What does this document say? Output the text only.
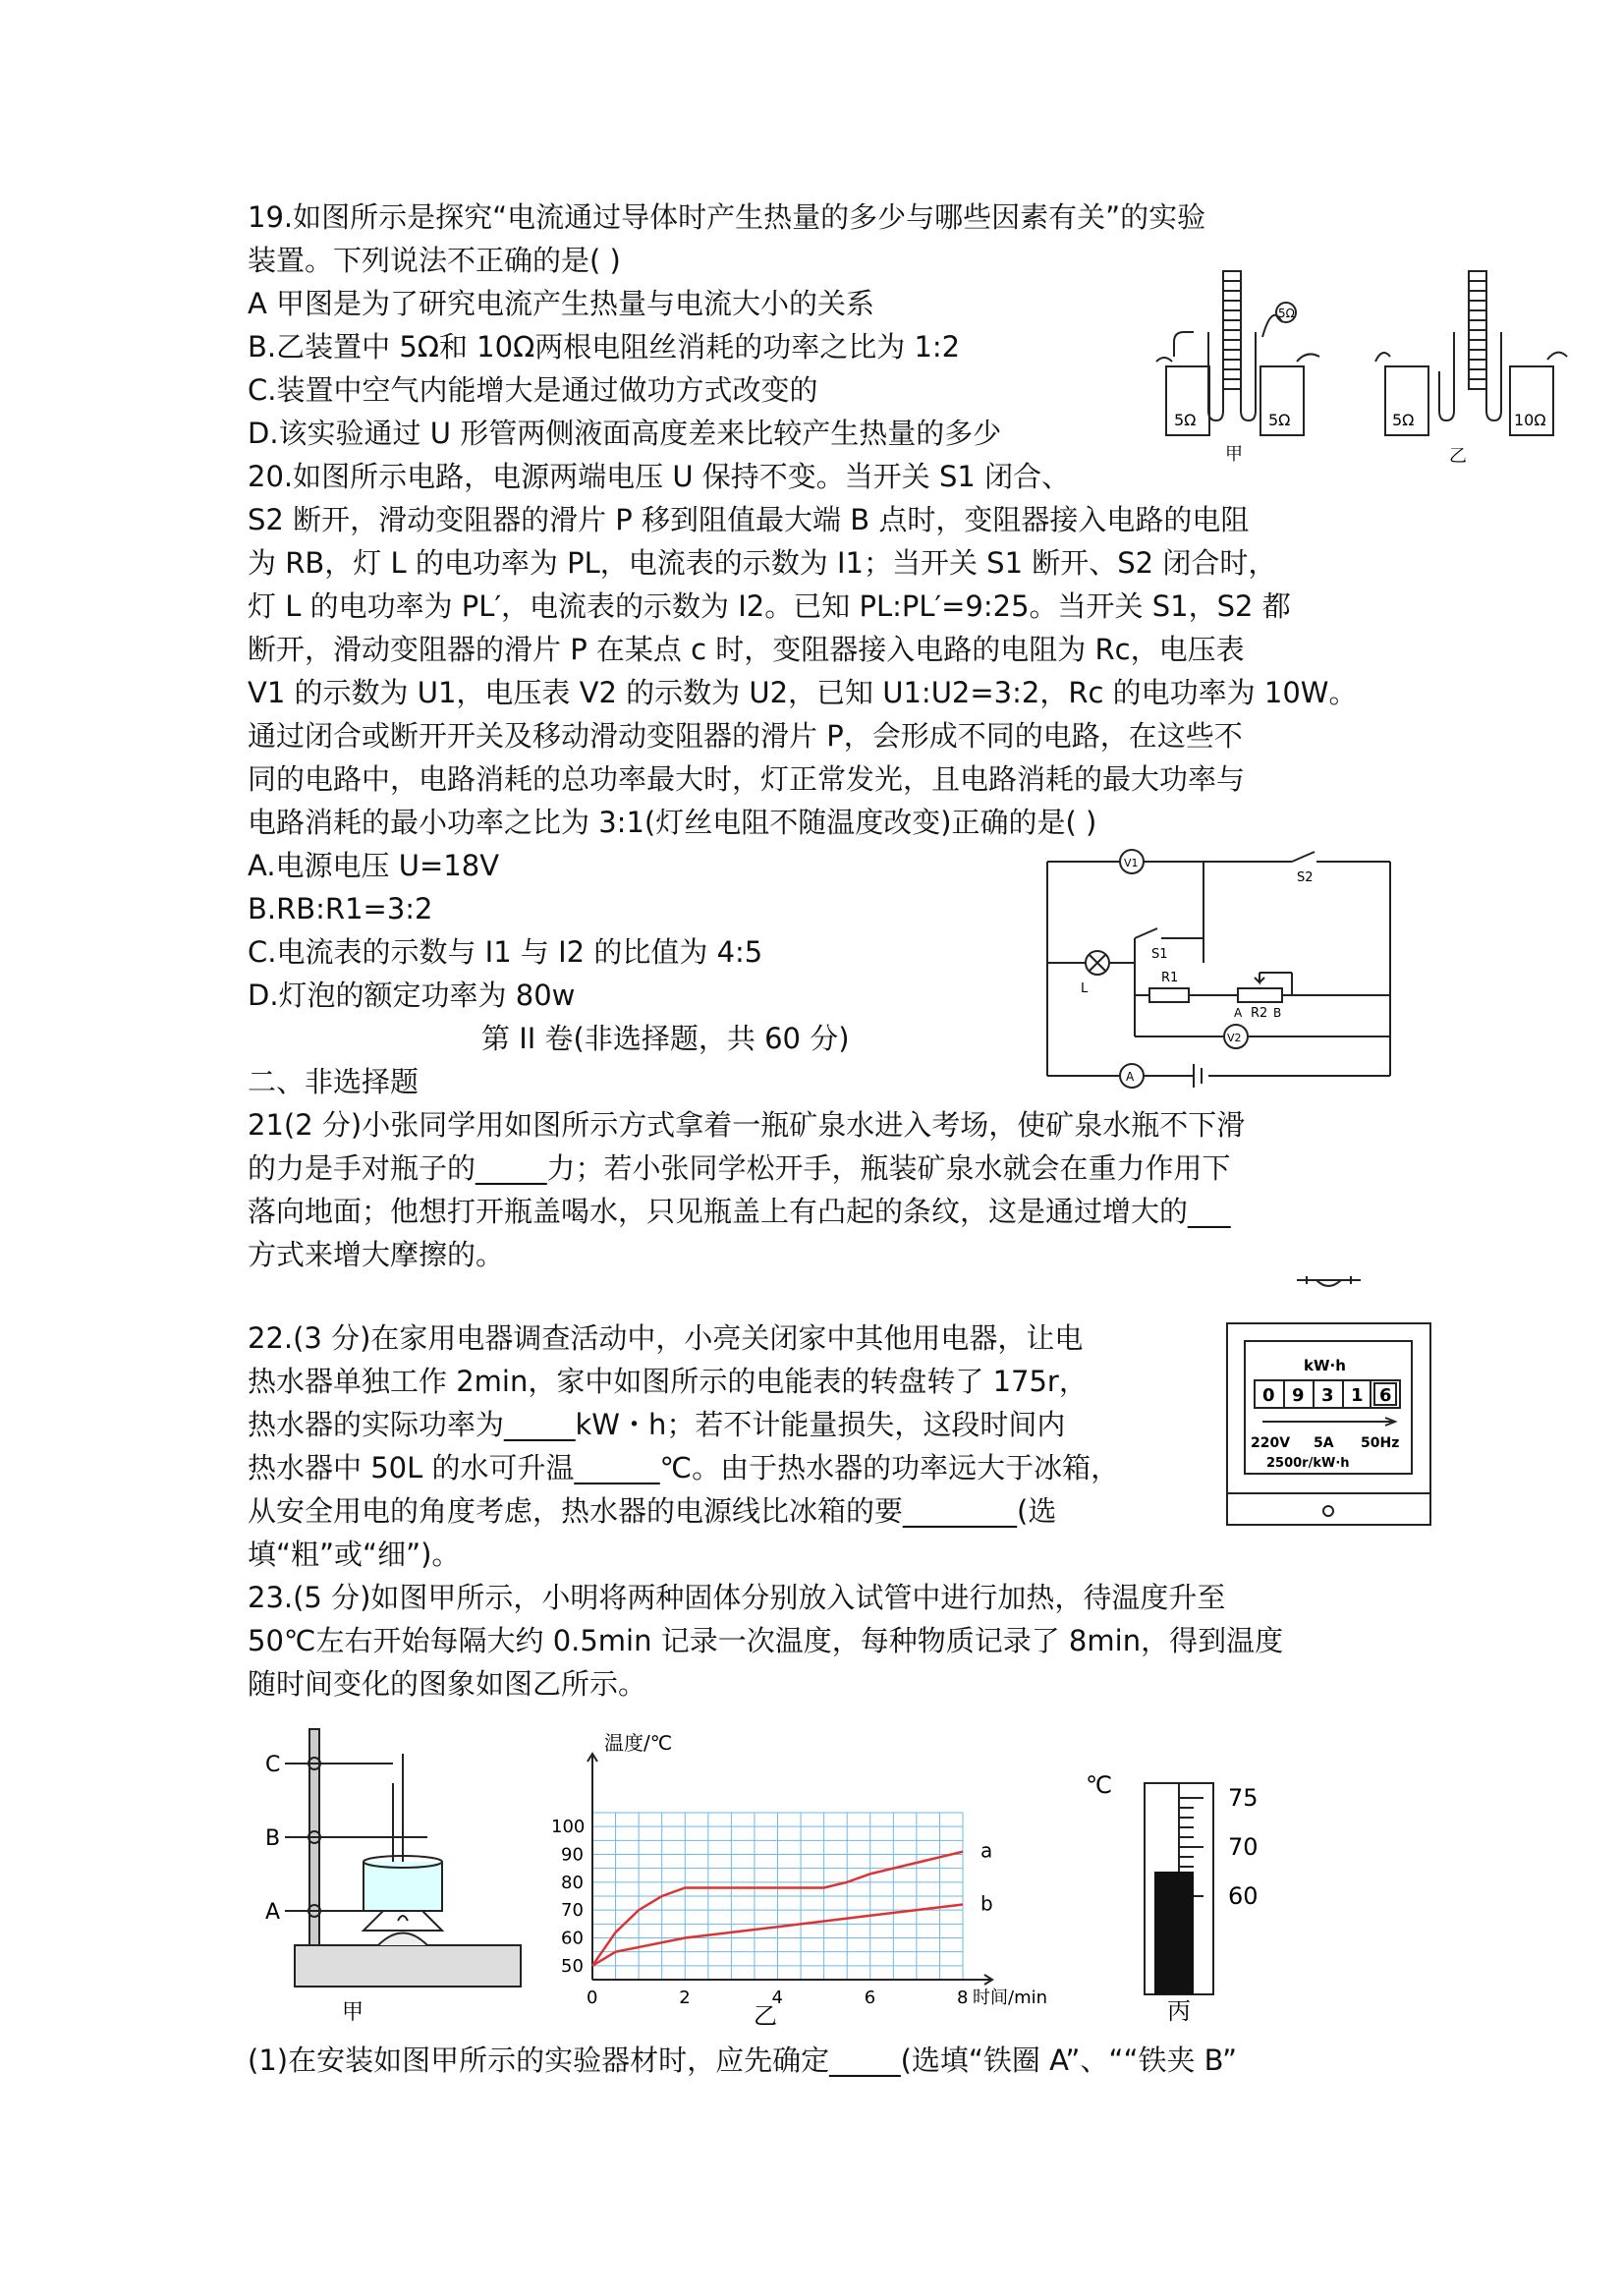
19.如图所示是探究“电流通过导体时产生热量的多少与哪些因素有关”的实验
装置。下列说法不正确的是( )
A 甲图是为了研究电流产生热量与电流大小的关系
B.乙装置中 5Ω和 10Ω两根电阻丝消耗的功率之比为 1:2
C.装置中空气内能增大是通过做功方式改变的
D.该实验通过 U 形管两侧液面高度差来比较产生热量的多少	5Ω	5Ω
5Ω
5Ω	10Ω
甲	乙
20.如图所示电路，电源两端电压 U 保持不变。当开关 S1 闭合、
S2 断开，滑动变阻器的滑片 P 移到阻值最大端 B 点时，变阻器接入电路的电阻
为 RB，灯 L 的电功率为 PL，电流表的示数为 I1；当开关 S1 断开、S2 闭合时，
灯 L 的电功率为 PL′，电流表的示数为 I2。已知 PL:PL′=9:25。当开关 S1，S2 都
断开，滑动变阻器的滑片 P 在某点 c 时，变阻器接入电路的电阻为 Rc，电压表
V1 的示数为 U1，电压表 V2 的示数为 U2，已知 U1:U2=3:2，Rc 的电功率为 10W。
通过闭合或断开开关及移动滑动变阻器的滑片 P，会形成不同的电路，在这些不
同的电路中，电路消耗的总功率最大时，灯正常发光，且电路消耗的最大功率与
电路消耗的最小功率之比为 3:1(灯丝电阻不随温度改变)正确的是( )
A.电源电压 U=18V
B.RB:R1=3:2
C.电流表的示数与 I1 与 I2 的比值为 4:5
D.灯泡的额定功率为 80w
V1
V2
A
S1
S2
L
R1
R2
A	B
第 II 卷(非选择题，共 60 分)
二、非选择题
21(2 分)小张同学用如图所示方式拿着一瓶矿泉水进入考场，使矿泉水瓶不下滑
的力是手对瓶子的_____力；若小张同学松开手，瓶装矿泉水就会在重力作用下
落向地面；他想打开瓶盖喝水，只见瓶盖上有凸起的条纹，这是通过增大的___
方式来增大摩擦的。
22.(3 分)在家用电器调查活动中，小亮关闭家中其他用电器，让电
热水器单独工作 2min，家中如图所示的电能表的转盘转了 175r，
热水器的实际功率为_____kW・h；若不计能量损失，这段时间内
热水器中 50L 的水可升温______℃。由于热水器的功率远大于冰箱，
从安全用电的角度考虑，热水器的电源线比冰箱的要________(选
填“粗”或“细”)。
kW·h
0 9 3 1 6
220V 5A 50Hz
2500r/kW·h
23.(5 分)如图甲所示，小明将两种固体分别放入试管中进行加热，待温度升至
50℃左右开始每隔大约 0.5min 记录一次温度，每种物质记录了 8min，得到温度
随时间变化的图象如图乙所示。
C
B
A
甲
0	2	4	6	8
50
60
70
80
90
100
温度/℃
时间/min
乙
a
b
℃	75
70
60
丙
(1)在安装如图甲所示的实验器材时，应先确定_____(选填“铁圈 A”、““铁夹 B”
